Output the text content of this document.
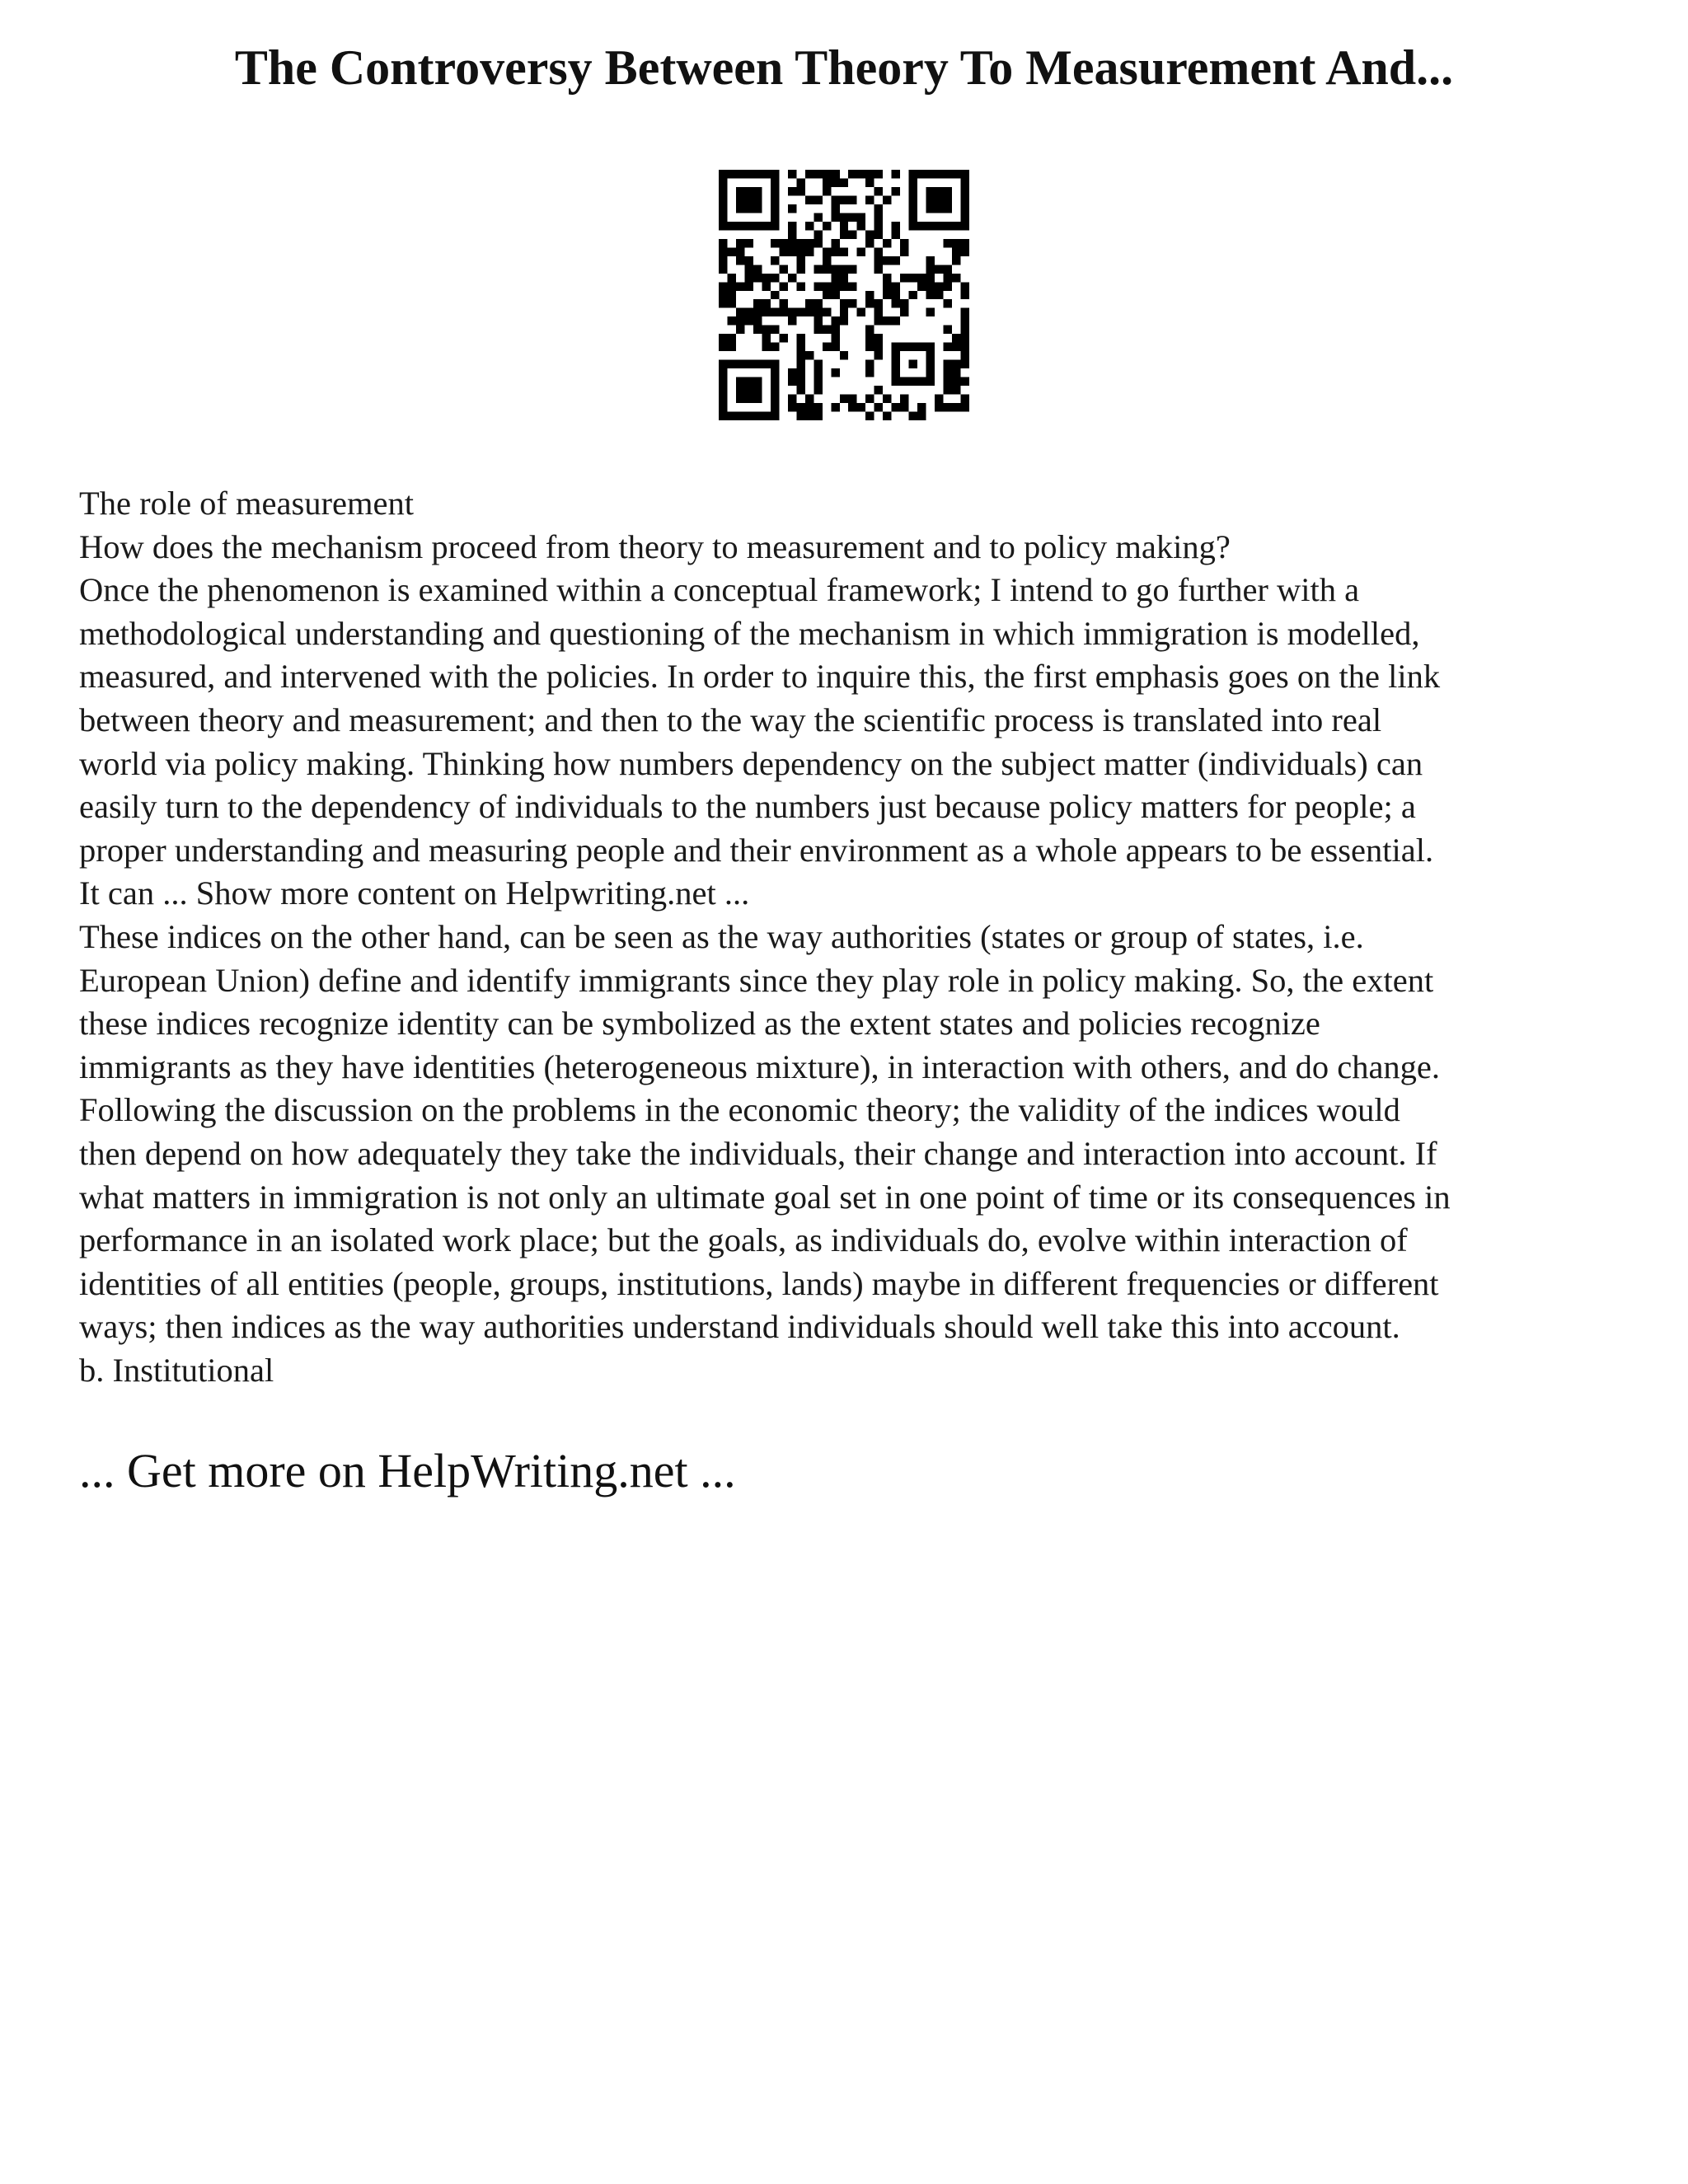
The Controversy Between Theory To Measurement And...
The role of measurement
How does the mechanism proceed from theory to measurement and to policy making?
Once the phenomenon is examined within a conceptual framework; I intend to go further with a
methodological understanding and questioning of the mechanism in which immigration is modelled,
measured, and intervened with the policies. In order to inquire this, the first emphasis goes on the link
between theory and measurement; and then to the way the scientific process is translated into real
world via policy making. Thinking how numbers dependency on the subject matter (individuals) can
easily turn to the dependency of individuals to the numbers just because policy matters for people; a
proper understanding and measuring people and their environment as a whole appears to be essential.
It can ... Show more content on Helpwriting.net ...
These indices on the other hand, can be seen as the way authorities (states or group of states, i.e.
European Union) define and identify immigrants since they play role in policy making. So, the extent
these indices recognize identity can be symbolized as the extent states and policies recognize
immigrants as they have identities (heterogeneous mixture), in interaction with others, and do change.
Following the discussion on the problems in the economic theory; the validity of the indices would
then depend on how adequately they take the individuals, their change and interaction into account. If
what matters in immigration is not only an ultimate goal set in one point of time or its consequences in
performance in an isolated work place; but the goals, as individuals do, evolve within interaction of
identities of all entities (people, groups, institutions, lands) maybe in different frequencies or different
ways; then indices as the way authorities understand individuals should well take this into account.
b. Institutional

... Get more on HelpWriting.net ...
